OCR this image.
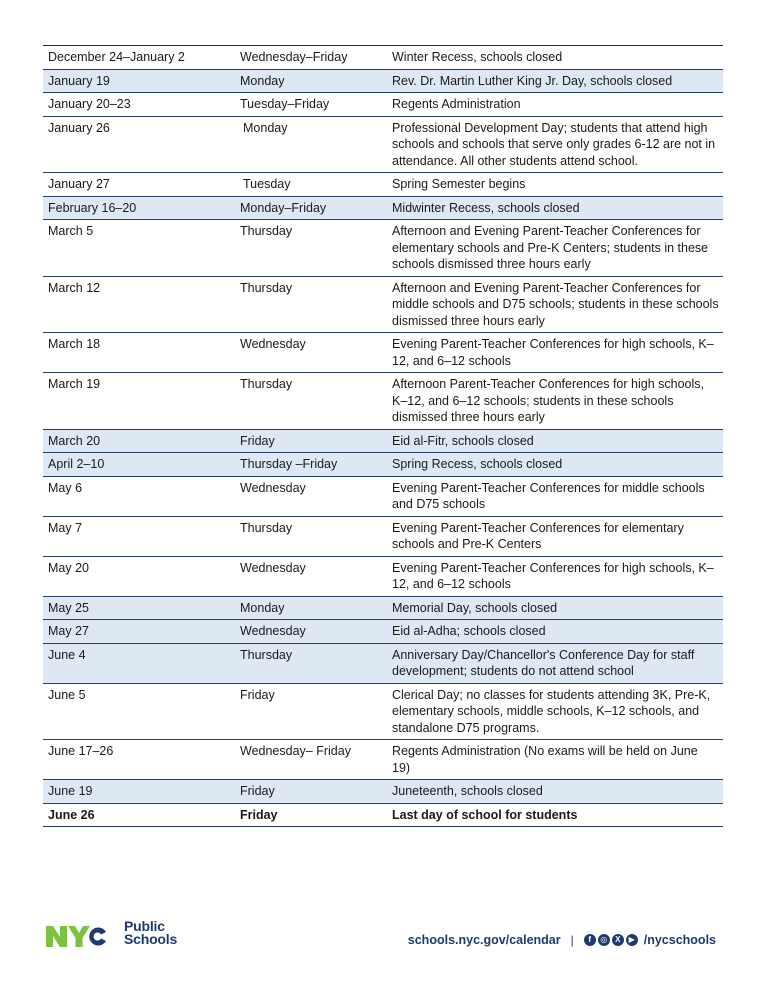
December 24–January 2	Wednesday–Friday	Winter Recess, schools closed
January 19	Monday	Rev. Dr. Martin Luther King Jr. Day, schools closed
January 20–23	Tuesday–Friday	Regents Administration
January 26	Monday	Professional Development Day; students that attend high schools and schools that serve only grades 6-12 are not in attendance. All other students attend school.
January 27	Tuesday	Spring Semester begins
February 16–20	Monday–Friday	Midwinter Recess, schools closed
March 5	Thursday	Afternoon and Evening Parent-Teacher Conferences for elementary schools and Pre-K Centers; students in these schools dismissed three hours early
March 12	Thursday	Afternoon and Evening Parent-Teacher Conferences for middle schools and D75 schools; students in these schools dismissed three hours early
March 18	Wednesday	Evening Parent-Teacher Conferences for high schools, K–12, and 6–12 schools
March 19	Thursday	Afternoon Parent-Teacher Conferences for high schools, K–12, and 6–12 schools; students in these schools dismissed three hours early
March 20	Friday	Eid al-Fitr, schools closed
April 2–10	Thursday –Friday	Spring Recess, schools closed
May 6	Wednesday	Evening Parent-Teacher Conferences for middle schools and D75 schools
May 7	Thursday	Evening Parent-Teacher Conferences for elementary schools and Pre-K Centers
May 20	Wednesday	Evening Parent-Teacher Conferences for high schools, K–12, and 6–12 schools
May 25	Monday	Memorial Day, schools closed
May 27	Wednesday	Eid al-Adha; schools closed
June 4	Thursday	Anniversary Day/Chancellor's Conference Day for staff development; students do not attend school
June 5	Friday	Clerical Day; no classes for students attending 3K, Pre-K, elementary schools, middle schools, K–12 schools, and standalone D75 programs.
June 17–26	Wednesday– Friday	Regents Administration (No exams will be held on June 19)
June 19	Friday	Juneteenth, schools closed
June 26	Friday	Last day of school for students
Public
Schools	schools.nyc.gov/calendar |	f	◎ X	▶ /nycschools
